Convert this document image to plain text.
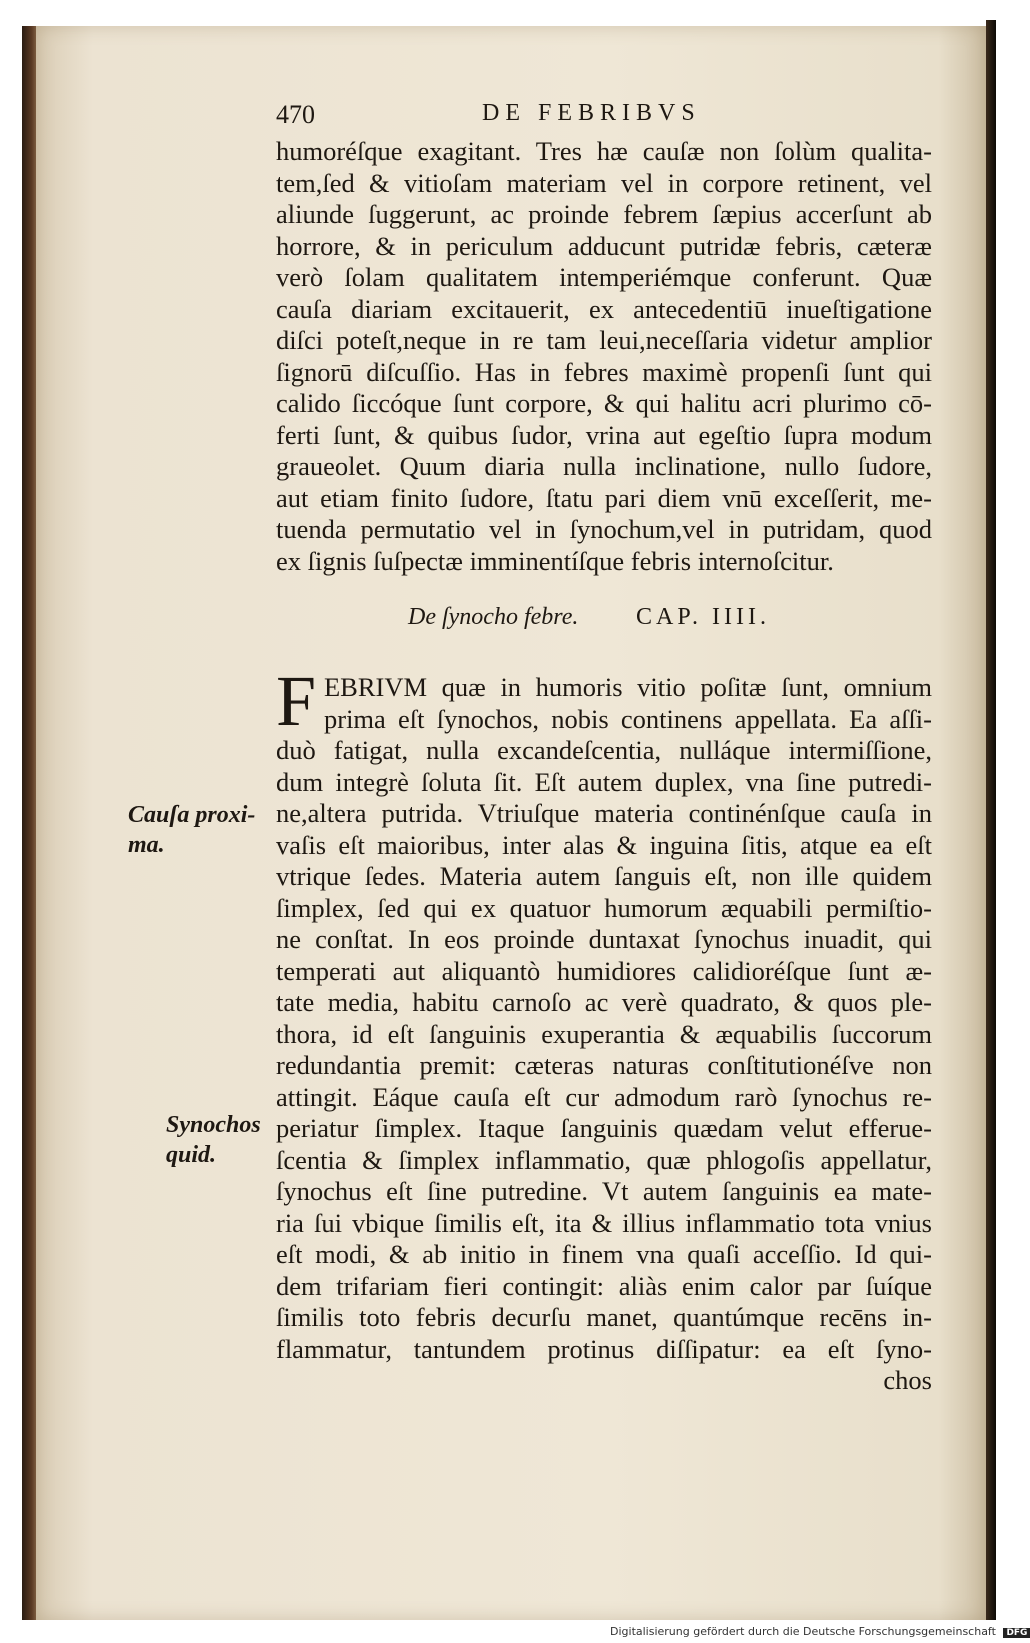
470	DE FEBRIBVS
humoréſque exagitant. Tres hæ cauſæ non ſolùm qualita-
tem,ſed & vitioſam materiam vel in corpore retinent, vel
aliunde ſuggerunt, ac proinde febrem ſæpius accerſunt ab
horrore, & in periculum adducunt putridæ febris, cæteræ
verò ſolam qualitatem intemperiémque conferunt. Quæ
cauſa diariam excitauerit, ex antecedentiū inueſtigatione
diſci poteſt,neque in re tam leui,neceſſaria videtur amplior
ſignorū diſcuſſio. Has in febres maximè propenſi ſunt qui
calido ſiccóque ſunt corpore, & qui halitu acri plurimo cō-
ferti ſunt, & quibus ſudor, vrina aut egeſtio ſupra modum
graueolet. Quum diaria nulla inclinatione, nullo ſudore,
aut etiam finito ſudore, ſtatu pari diem vnū exceſſerit, me-
tuenda permutatio vel in ſynochum,vel in putridam, quod
ex ſignis ſuſpectæ imminentíſque febris internoſcitur.
De ſynocho febre. CAP. IIII.
F EBRIVM quæ in humoris vitio poſitæ ſunt, omnium
prima eſt ſynochos, nobis continens appellata. Ea aſſi-
duò fatigat, nulla excandeſcentia, nulláque intermiſſione,
dum integrè ſoluta ſit. Eſt autem duplex, vna ſine putredi-
ne,altera putrida. Vtriuſque materia continénſque cauſa in
vaſis eſt maioribus, inter alas & inguina ſitis, atque ea eſt
vtrique ſedes. Materia autem ſanguis eſt, non ille quidem
ſimplex, ſed qui ex quatuor humorum æquabili permiſtio-
ne conſtat. In eos proinde duntaxat ſynochus inuadit, qui
temperati aut aliquantò humidiores calidioréſque ſunt æ-
tate media, habitu carnoſo ac verè quadrato, & quos ple-
thora, id eſt ſanguinis exuperantia & æquabilis ſuccorum
redundantia premit: cæteras naturas conſtitutionéſve non
attingit. Eáque cauſa eſt cur admodum rarò ſynochus re-
periatur ſimplex. Itaque ſanguinis quædam velut efferue-
ſcentia & ſimplex inflammatio, quæ phlogoſis appellatur,
ſynochus eſt ſine putredine. Vt autem ſanguinis ea mate-
ria ſui vbique ſimilis eſt, ita & illius inflammatio tota vnius
eſt modi, & ab initio in finem vna quaſi acceſſio. Id qui-
dem trifariam fieri contingit: aliàs enim calor par ſuíque
ſimilis toto febris decurſu manet, quantúmque recēns in-
flammatur, tantundem protinus diſſipatur: ea eſt ſyno-
chos
Cauſa proxi-
ma.
Synochos
quid.
Digitalisierung gefördert durch die Deutsche Forschungsgemeinschaft DFG
